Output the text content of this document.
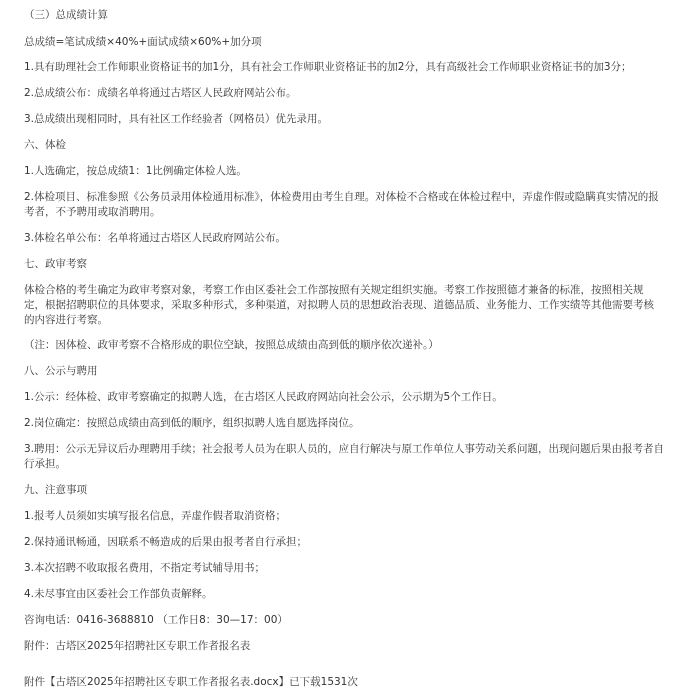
（三）总成绩计算

总成绩=笔试成绩×40%+面试成绩×60%+加分项

1.具有助理社会工作师职业资格证书的加1分，具有社会工作师职业资格证书的加2分，具有高级社会工作师职业资格证书的加3分；

2.总成绩公布：成绩名单将通过古塔区人民政府网站公布。

3.总成绩出现相同时，具有社区工作经验者（网格员）优先录用。

六、体检

1.人选确定，按总成绩1：1比例确定体检人选。

2.体检项目、标准参照《公务员录用体检通用标准》，体检费用由考生自理。对体检不合格或在体检过程中，弄虚作假或隐瞒真实情况的报考者，不予聘用或取消聘用。

3.体检名单公布：名单将通过古塔区人民政府网站公布。

七、政审考察

体检合格的考生确定为政审考察对象，考察工作由区委社会工作部按照有关规定组织实施。考察工作按照德才兼备的标准，按照相关规定，根据招聘职位的具体要求，采取多种形式，多种渠道，对拟聘人员的思想政治表现、道德品质、业务能力、工作实绩等其他需要考核的内容进行考察。

（注：因体检、政审考察不合格形成的职位空缺，按照总成绩由高到低的顺序依次递补。）

八、公示与聘用

1.公示：经体检、政审考察确定的拟聘人选，在古塔区人民政府网站向社会公示，公示期为5个工作日。

2.岗位确定：按照总成绩由高到低的顺序，组织拟聘人选自愿选择岗位。

3.聘用：公示无异议后办理聘用手续；社会报考人员为在职人员的，应自行解决与原工作单位人事劳动关系问题，出现问题后果由报考者自行承担。

九、注意事项

1.报考人员须如实填写报名信息，弄虚作假者取消资格；

2.保持通讯畅通，因联系不畅造成的后果由报考者自行承担；

3.本次招聘不收取报名费用，不指定考试辅导用书；

4.未尽事宜由区委社会工作部负责解释。

咨询电话：0416-3688810 （工作日8：30—17：00）

附件：古塔区2025年招聘社区专职工作者报名表

附件【古塔区2025年招聘社区专职工作者报名表.docx】已下载1531次
